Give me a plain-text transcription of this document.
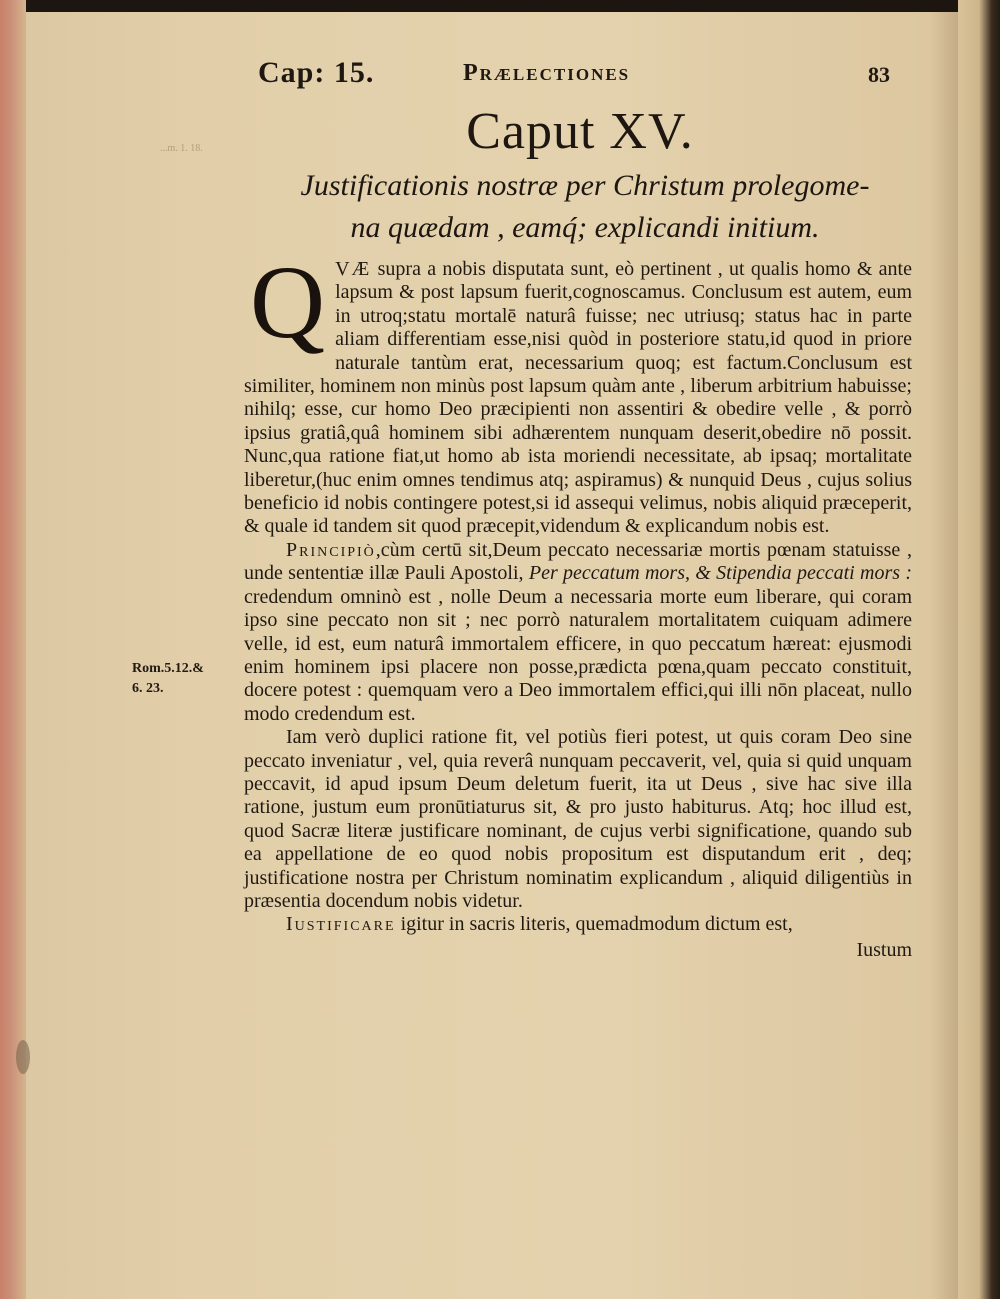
Cap: 15.	Prælectiones	83
...m. 1. 18.	Caput XV.
Justificationis nostræ per Christum prolegome-
na quædam , eamq́; explicandi initium.
Rom.5.12.&
6. 23.

Q VÆ supra a nobis disputata sunt, eò pertinent , ut qualis homo & ante lapsum & post lapsum fuerit,cognoscamus. Conclusum est autem, eum in utroq;statu mortalē naturâ fuisse; nec utriusq; status hac in parte aliam differentiam esse,nisi quòd in posteriore statu,id quod in priore naturale tantùm erat, necessarium quoq; est factum.Conclusum est similiter, hominem non minùs post lapsum quàm ante , liberum arbitrium habuisse; nihilq; esse, cur homo Deo præcipienti non assentiri & obedire velle , & porrò ipsius gratiâ,quâ hominem sibi adhærentem nunquam deserit,obedire nō possit. Nunc,qua ratione fiat,ut homo ab ista moriendi necessitate, ab ipsaq; mortalitate liberetur,(huc enim omnes tendimus atq; aspiramus) & nunquid Deus , cujus solius beneficio id nobis contingere potest,si id assequi velimus, nobis aliquid præceperit, & quale id tandem sit quod præcepit,videndum & explicandum nobis est.

Principiò,cùm certū sit,Deum peccato necessariæ mortis pœnam statuisse , unde sententiæ illæ Pauli Apostoli, Per peccatum mors, & Stipendia peccati mors : credendum omninò est , nolle Deum a necessaria morte eum liberare, qui coram ipso sine peccato non sit ; nec porrò naturalem mortalitatem cuiquam adimere velle, id est, eum naturâ immortalem efficere, in quo peccatum hæreat: ejusmodi enim hominem ipsi placere non posse,prædicta pœna,quam peccato constituit, docere potest : quemquam vero a Deo immortalem effici,qui illi nōn placeat, nullo modo credendum est.

Iam verò duplici ratione fit, vel potiùs fieri potest, ut quis coram Deo sine peccato inveniatur , vel, quia reverâ nunquam peccaverit, vel, quia si quid unquam peccavit, id apud ipsum Deum deletum fuerit, ita ut Deus , sive hac sive illa ratione, justum eum pronūtiaturus sit, & pro justo habiturus. Atq; hoc illud est, quod Sacræ literæ justificare nominant, de cujus verbi significatione, quando sub ea appellatione de eo quod nobis propositum est disputandum erit , deq; justificatione nostra per Christum nominatim explicandum , aliquid diligentiùs in præsentia docendum nobis videtur.

Iustificare igitur in sacris literis, quemadmodum dictum est,

Iustum
